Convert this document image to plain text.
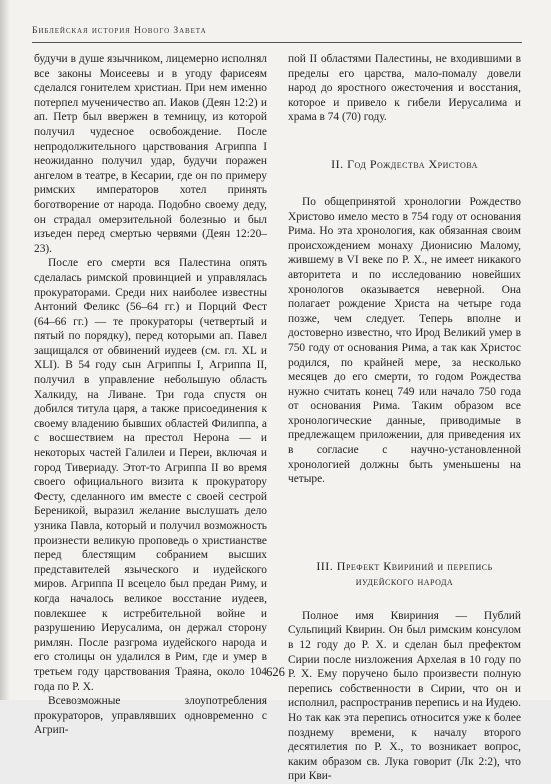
Библейская история Нового Завета

будучи в душе язычником, лицемерно исполнял все законы Моисеевы и в угоду фарисеям сделался гонителем христиан. При нем именно потерпел мученичество ап. Иаков (Деян 12:2) и ап. Петр был ввержен в темницу, из которой получил чудесное освобождение. После непродолжительного царствования Агриппа I неожиданно получил удар, будучи поражен ангелом в театре, в Кесарии, где он по примеру римских императоров хотел принять боготворение от народа. Подобно своему деду, он страдал омерзительной болезнью и был изъеден перед смертью червями (Деян 12:20–23).

После его смерти вся Палестина опять сделалась римской провинцией и управлялась прокураторами. Среди них наиболее известны Антоний Феликс (56–64 гг.) и Порций Фест (64–66 гг.) — те прокураторы (четвертый и пятый по порядку), перед которыми ап. Павел защищался от обвинений иудеев (см. гл. XL и XLI). В 54 году сын Агриппы I, Агриппа II, получил в управление небольшую область Халкиду, на Ливане. Три года спустя он добился титула царя, а также присоединения к своему владению бывших областей Филиппа, а с восшествием на престол Нерона — и некоторых частей Галилеи и Переи, включая и город Тивериаду. Этот-то Агриппа II во время своего официального визита к прокуратору Фесту, сделанного им вместе с своей сестрой Береникой, выразил желание выслушать дело узника Павла, который и получил возможность произнести великую проповедь о христианстве перед блестящим собранием высших представителей языческого и иудейского миров. Агриппа II всецело был предан Риму, и когда началось великое восстание иудеев, повлекшее к истребительной войне и разрушению Иерусалима, он держал сторону римлян. После разгрома иудейского народа и его столицы он удалился в Рим, где и умер в третьем году царствования Траяна, около 104 года по Р. Х.

Всевозможные злоупотребления прокураторов, управлявших одновременно с Агрип-

пой II областями Палестины, не входившими в пределы его царства, мало-помалу довели народ до яростного ожесточения и восстания, которое и привело к гибели Иерусалима и храма в 74 (70) году.

II. Год Рождества Христова

По общепринятой хронологии Рождество Христово имело место в 754 году от основания Рима. Но эта хронология, как обязанная своим происхождением монаху Дионисию Малому, жившему в VI веке по Р. Х., не имеет никакого авторитета и по исследованию новейших хронологов оказывается неверной. Она полагает рождение Христа на четыре года позже, чем следует. Теперь вполне и достоверно известно, что Ирод Великий умер в 750 году от основания Рима, а так как Христос родился, по крайней мере, за несколько месяцев до его смерти, то годом Рождества нужно считать конец 749 или начало 750 года от основания Рима. Таким образом все хронологические данные, приводимые в предлежащем приложении, для приведения их в согласие с научно-установленной хронологией должны быть уменьшены на четыре.

III. Префект Квириний и перепись
иудейского народа

Полное имя Квириния — Публий Сульпиций Квирин. Он был римским консулом в 12 году до Р. Х. и сделан был префектом Сирии после низложения Архелая в 10 году по Р. Х. Ему поручено было произвести полную перепись собственности в Сирии, что он и исполнил, распространив перепись и на Иудею. Но так как эта перепись относится уже к более позднему времени, к началу второго десятилетия по Р. Х., то возникает вопрос, каким образом св. Лука говорит (Лк 2:2), что при Кви-

626
